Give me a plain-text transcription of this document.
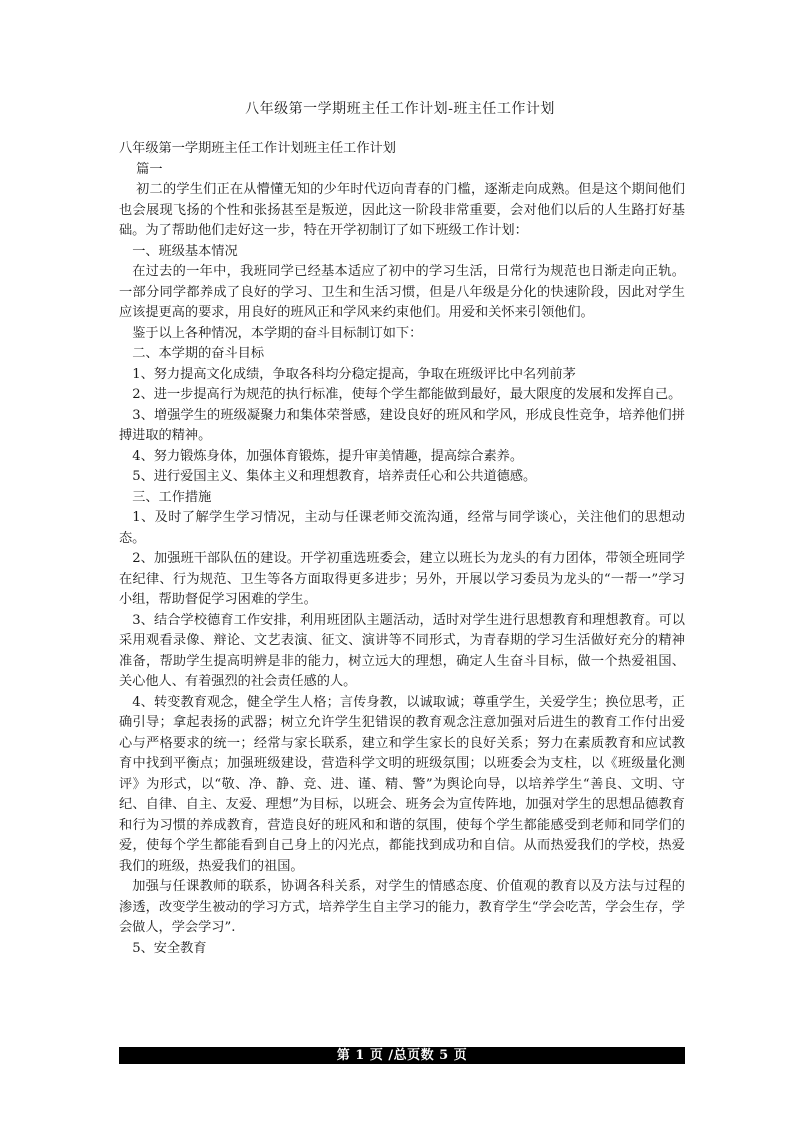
八年级第一学期班主任工作计划-班主任工作计划

八年级第一学期班主任工作计划班主任工作计划

篇一

初二的学生们正在从懵懂无知的少年时代迈向青春的门槛，逐渐走向成熟。但是这个期间他们也会展现飞扬的个性和张扬甚至是叛逆，因此这一阶段非常重要，会对他们以后的人生路打好基础。为了帮助他们走好这一步，特在开学初制订了如下班级工作计划：

一、班级基本情况

在过去的一年中，我班同学已经基本适应了初中的学习生活，日常行为规范也日渐走向正轨。一部分同学都养成了良好的学习、卫生和生活习惯，但是八年级是分化的快速阶段，因此对学生应该提更高的要求，用良好的班风正和学风来约束他们。用爱和关怀来引领他们。

鉴于以上各种情况，本学期的奋斗目标制订如下：

二、本学期的奋斗目标

1、努力提高文化成绩，争取各科均分稳定提高，争取在班级评比中名列前茅

2、进一步提高行为规范的执行标准，使每个学生都能做到最好，最大限度的发展和发挥自己。

3、增强学生的班级凝聚力和集体荣誉感，建设良好的班风和学风，形成良性竞争，培养他们拼搏进取的精神。

4、努力锻炼身体，加强体育锻炼，提升审美情趣，提高综合素养。

5、进行爱国主义、集体主义和理想教育，培养责任心和公共道德感。

三、工作措施

1、及时了解学生学习情况，主动与任课老师交流沟通，经常与同学谈心，关注他们的思想动态。

2、加强班干部队伍的建设。开学初重选班委会，建立以班长为龙头的有力团体，带领全班同学在纪律、行为规范、卫生等各方面取得更多进步；另外，开展以学习委员为龙头的“一帮一”学习小组，帮助督促学习困难的学生。

3、结合学校德育工作安排，利用班团队主题活动，适时对学生进行思想教育和理想教育。可以采用观看录像、辩论、文艺表演、征文、演讲等不同形式，为青春期的学习生活做好充分的精神准备，帮助学生提高明辨是非的能力，树立远大的理想，确定人生奋斗目标，做一个热爱祖国、关心他人、有着强烈的社会责任感的人。

4、转变教育观念，健全学生人格；言传身教，以诚取诚；尊重学生，关爱学生；换位思考，正确引导；拿起表扬的武器；树立允许学生犯错误的教育观念注意加强对后进生的教育工作付出爱心与严格要求的统一；经常与家长联系，建立和学生家长的良好关系；努力在素质教育和应试教育中找到平衡点；加强班级建设，营造科学文明的班级氛围；以班委会为支柱，以《班级量化测评》为形式，以“敬、净、静、竞、进、谨、精、警”为舆论向导，以培养学生“善良、文明、守纪、自律、自主、友爱、理想”为目标，以班会、班务会为宣传阵地，加强对学生的思想品德教育和行为习惯的养成教育，营造良好的班风和和谐的氛围，使每个学生都能感受到老师和同学们的爱，使每个学生都能看到自己身上的闪光点，都能找到成功和自信。从而热爱我们的学校，热爱我们的班级，热爱我们的祖国。

加强与任课教师的联系，协调各科关系，对学生的情感态度、价值观的教育以及方法与过程的渗透，改变学生被动的学习方式，培养学生自主学习的能力，教育学生“学会吃苦，学会生存，学会做人，学会学习”.

5、安全教育

第 1 页 /总页数 5 页
